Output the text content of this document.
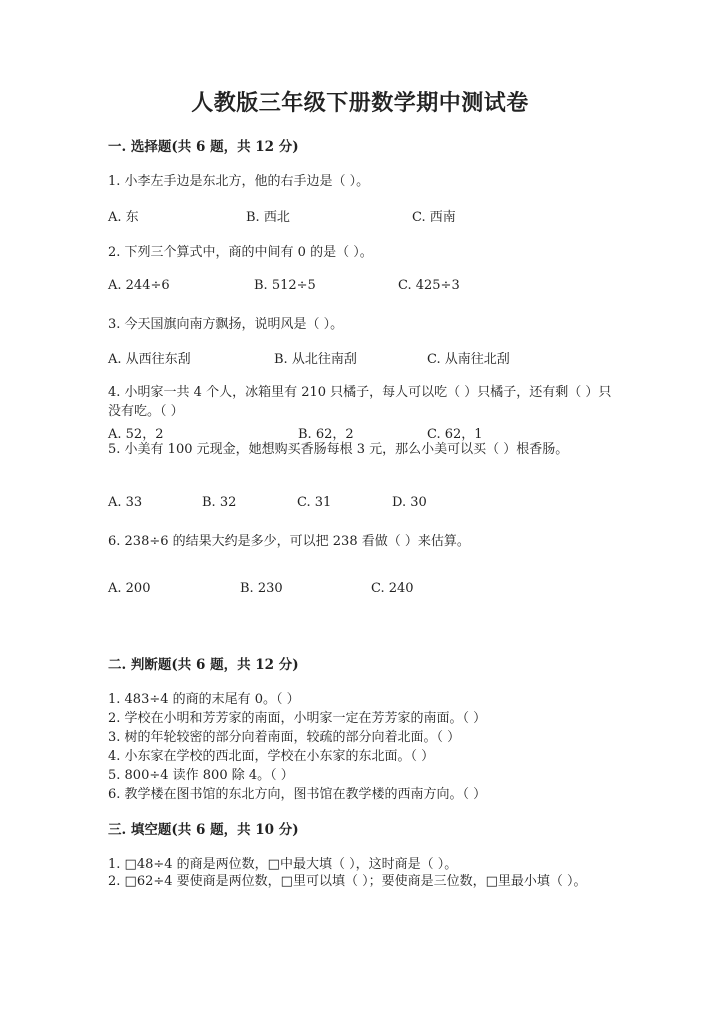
人教版三年级下册数学期中测试卷
一. 选择题(共 6 题，共 12 分)
1. 小李左手边是东北方，他的右手边是（ ）。
A. 东	B. 西北	C. 西南
2. 下列三个算式中，商的中间有 0 的是（ ）。
A. 244÷6	B. 512÷5	C. 425÷3
3. 今天国旗向南方飘扬，说明风是（ ）。
A. 从西往东刮	B. 从北往南刮	C. 从南往北刮
4. 小明家一共 4 个人，冰箱里有 210 只橘子，每人可以吃（ ）只橘子，还有剩（ ）只没有吃。（ ）
A. 52，2	B. 62，2	C. 62，1
5. 小美有 100 元现金，她想购买香肠每根 3 元，那么小美可以买（ ）根香肠。
A. 33	B. 32	C. 31	D. 30
6. 238÷6 的结果大约是多少，可以把 238 看做（ ）来估算。
A. 200	B. 230	C. 240
二. 判断题(共 6 题，共 12 分)
1. 483÷4 的商的末尾有 0。（ ）
2. 学校在小明和芳芳家的南面，小明家一定在芳芳家的南面。（ ）
3. 树的年轮较密的部分向着南面，较疏的部分向着北面。（ ）
4. 小东家在学校的西北面，学校在小东家的东北面。（ ）
5. 800÷4 读作 800 除 4。（ ）
6. 教学楼在图书馆的东北方向，图书馆在教学楼的西南方向。（ ）
三. 填空题(共 6 题，共 10 分)
1. □48÷4 的商是两位数，□中最大填（ ），这时商是（ ）。
2. □62÷4 要使商是两位数，□里可以填（ ）；要使商是三位数，□里最小填（ ）。
